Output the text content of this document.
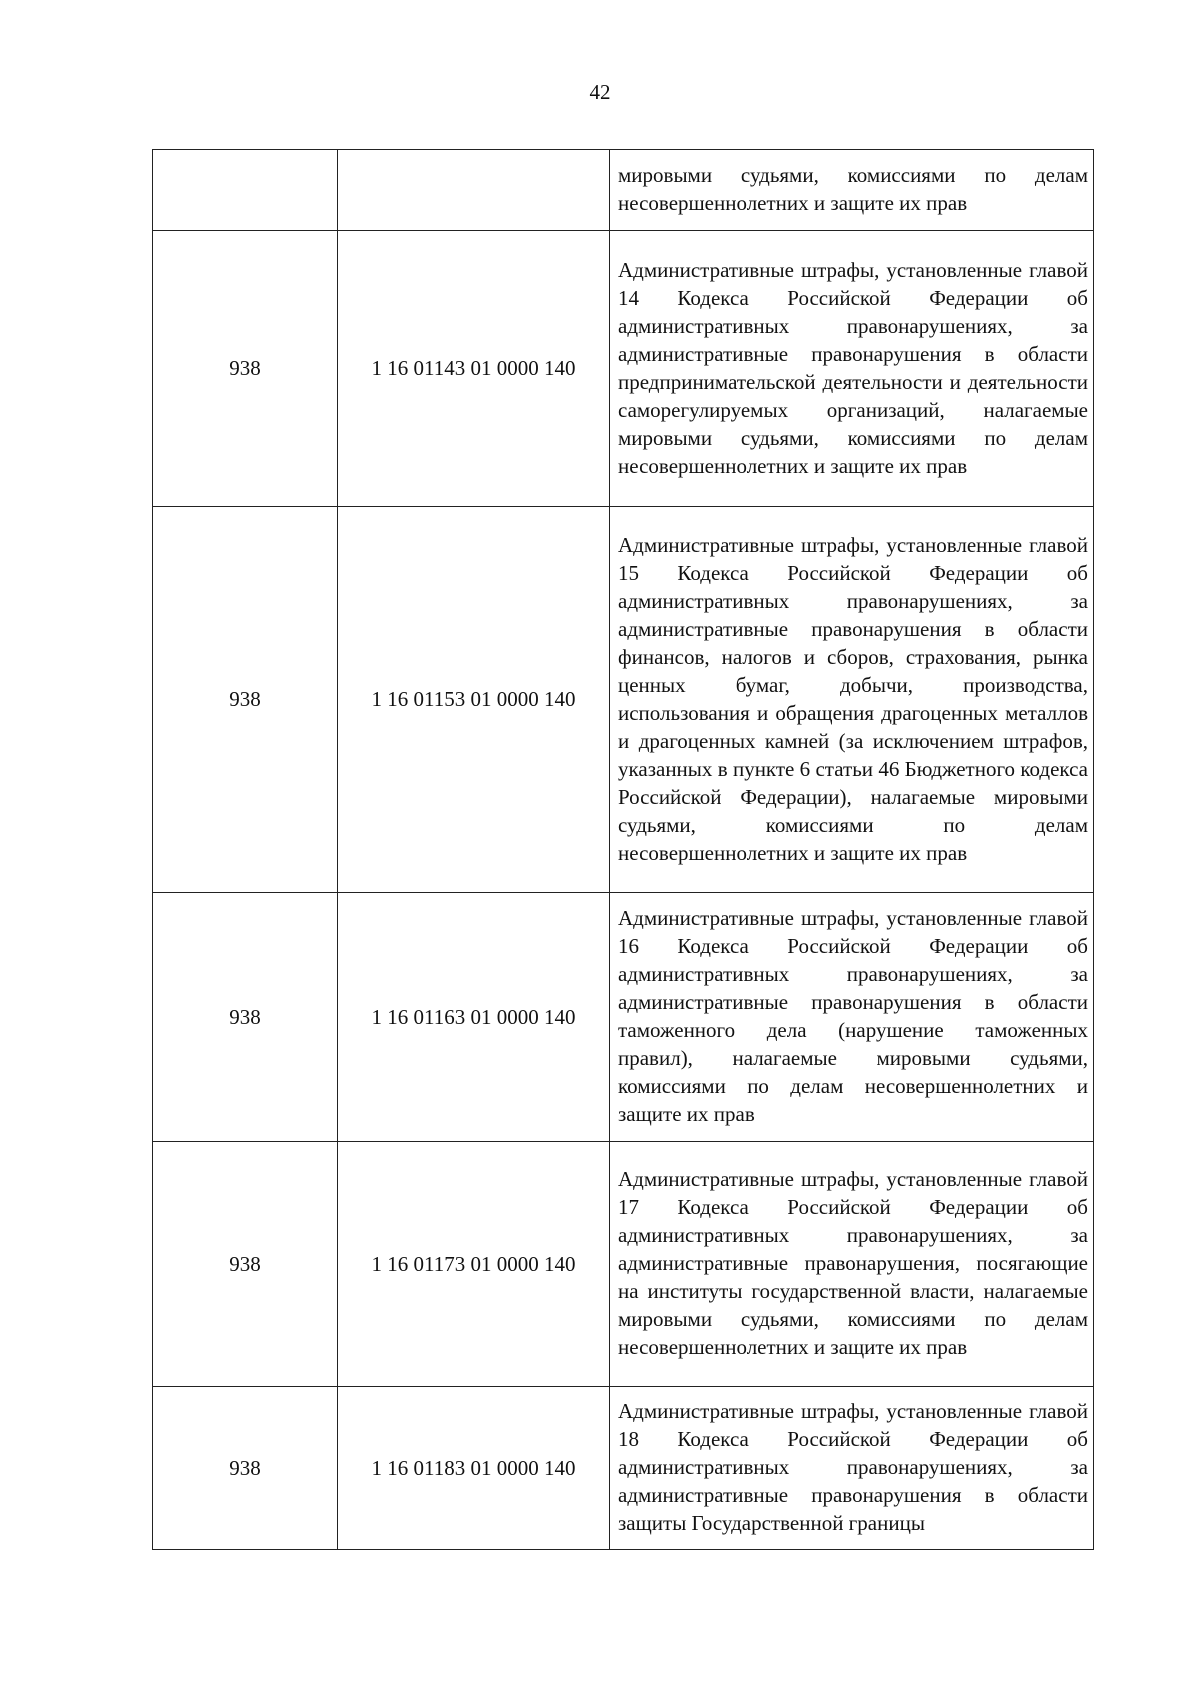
42
		мировыми судьями, комиссиями по делам несовершеннолетних и защите их прав
938	1 16 01143 01 0000 140	Административные штрафы, установленные главой 14 Кодекса Российской Федерации об административных правонарушениях, за административные правонарушения в области предпринимательской деятельности и деятельности саморегулируемых организаций, налагаемые мировыми судьями, комиссиями по делам несовершеннолетних и защите их прав
938	1 16 01153 01 0000 140	Административные штрафы, установленные главой 15 Кодекса Российской Федерации об административных правонарушениях, за административные правонарушения в области финансов, налогов и сборов, страхования, рынка ценных бумаг, добычи, производства, использования и обращения драгоценных металлов и драгоценных камней (за исключением штрафов, указанных в пункте 6 статьи 46 Бюджетного кодекса Российской Федерации), налагаемые мировыми судьями, комиссиями по делам несовершеннолетних и защите их прав
938	1 16 01163 01 0000 140	Административные штрафы, установленные главой 16 Кодекса Российской Федерации об административных правонарушениях, за административные правонарушения в области таможенного дела (нарушение таможенных правил), налагаемые мировыми судьями, комиссиями по делам несовершеннолетних и защите их прав
938	1 16 01173 01 0000 140	Административные штрафы, установленные главой 17 Кодекса Российской Федерации об административных правонарушениях, за административные правонарушения, посягающие на институты государственной власти, налагаемые мировыми судьями, комиссиями по делам несовершеннолетних и защите их прав
938	1 16 01183 01 0000 140	Административные штрафы, установленные главой 18 Кодекса Российской Федерации об административных правонарушениях, за административные правонарушения в области защиты Государственной границы
